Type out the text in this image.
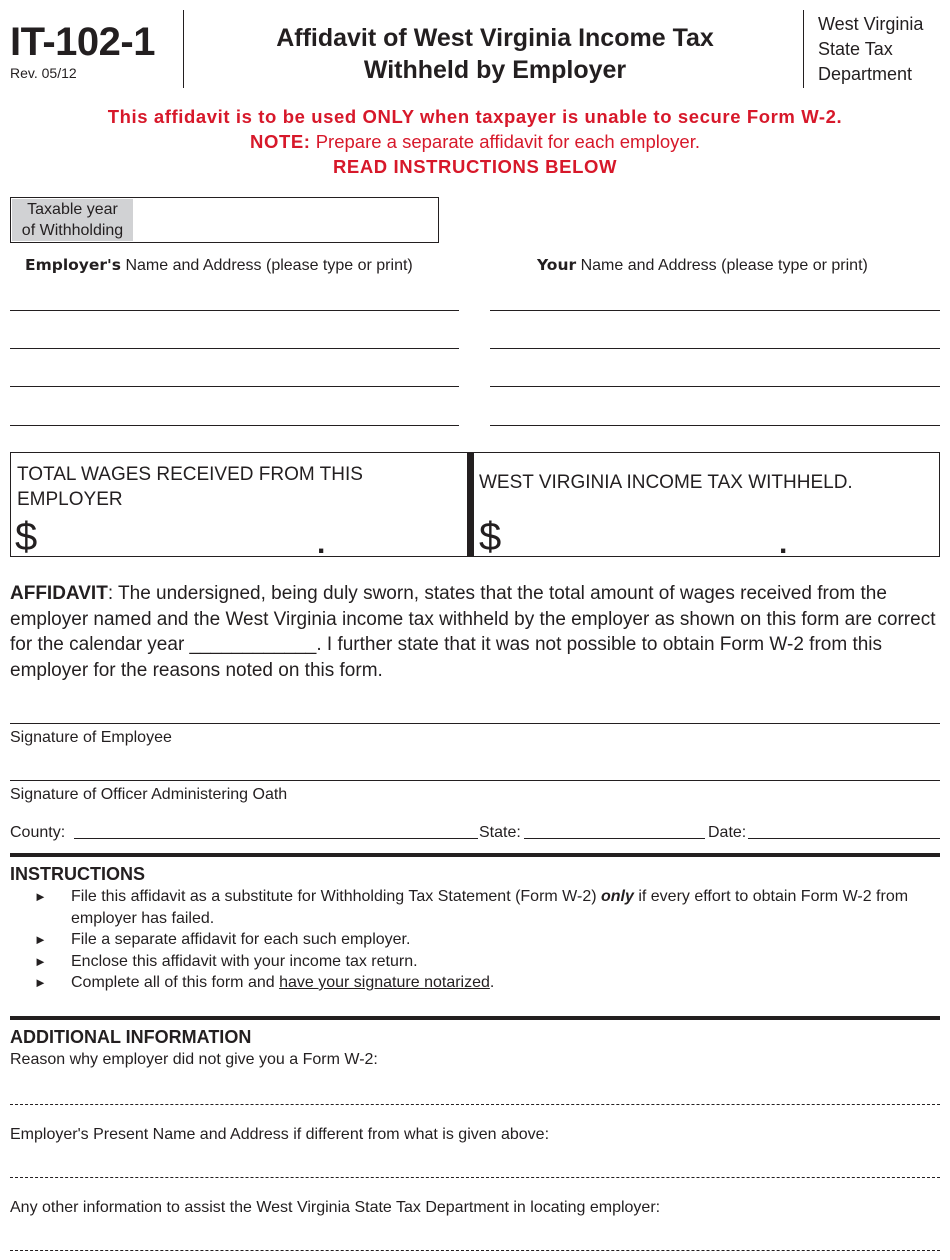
IT-102-1
Rev. 05/12
Affidavit of West Virginia Income Tax
Withheld by Employer
West Virginia
State Tax
Department
This affidavit is to be used ONLY when taxpayer is unable to secure Form W-2.
NOTE: Prepare a separate affidavit for each employer.
READ INSTRUCTIONS BELOW
Taxable year
of Withholding
Employer's Name and Address (please type or print)	Your Name and Address (please type or print)
TOTAL WAGES RECEIVED FROM THIS EMPLOYER
$	.
WEST VIRGINIA INCOME TAX WITHHELD.
$	.
AFFIDAVIT: The undersigned, being duly sworn, states that the total amount of wages received from the employer named and the West Virginia income tax withheld by the employer as shown on this form are correct for the calendar year ____________. I further state that it was not possible to obtain Form W-2 from this employer for the reasons noted on this form.
Signature of Employee
Signature of Officer Administering Oath
County:	State:	Date:
INSTRUCTIONS
► File this affidavit as a substitute for Withholding Tax Statement (Form W-2) only if every effort to obtain Form W-2 from employer has failed.
► File a separate affidavit for each such employer.
► Enclose this affidavit with your income tax return.
► Complete all of this form and have your signature notarized.
ADDITIONAL INFORMATION
Reason why employer did not give you a Form W-2:
Employer's Present Name and Address if different from what is given above:
Any other information to assist the West Virginia State Tax Department in locating employer:
